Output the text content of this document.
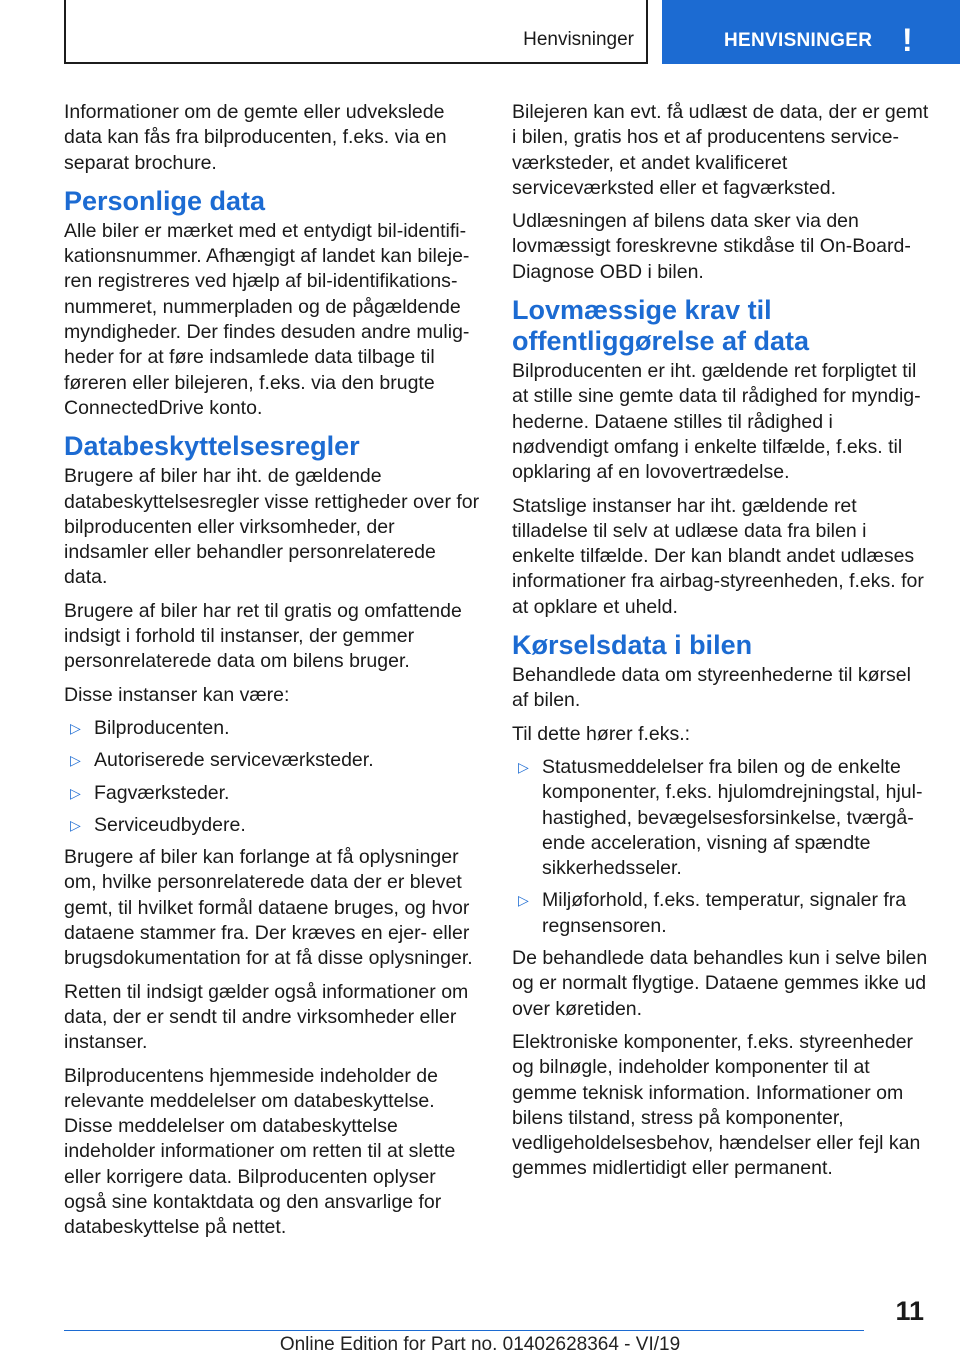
Henvisninger	HENVISNINGER !

Informationer om de gemte eller udvekslede data kan fås fra bilproducenten, f.eks. via en separat brochure.

Personlige data

Alle biler er mærket med et entydigt bil-identifikationsnummer. Afhængigt af landet kan bilejeren registreres ved hjælp af bil-identifikationsnummeret, nummerpladen og de pågældende myndigheder. Der findes desuden andre muligheder for at føre indsamlede data tilbage til føreren eller bilejeren, f.eks. via den brugte ConnectedDrive konto.

Databeskyttelsesregler

Brugere af biler har iht. de gældende databeskyttelsesregler visse rettigheder over for bilproducenten eller virksomheder, der indsamler eller behandler personrelaterede data.

Brugere af biler har ret til gratis og omfattende indsigt i forhold til instanser, der gemmer personrelaterede data om bilens bruger.

Disse instanser kan være:

▷ Bilproducenten.
▷ Autoriserede serviceværksteder.
▷ Fagværksteder.
▷ Serviceudbydere.

Brugere af biler kan forlange at få oplysninger om, hvilke personrelaterede data der er blevet gemt, til hvilket formål dataene bruges, og hvor dataene stammer fra. Der kræves en ejer- eller brugsdokumentation for at få disse oplysninger.

Retten til indsigt gælder også informationer om data, der er sendt til andre virksomheder eller instanser.

Bilproducentens hjemmeside indeholder de relevante meddelelser om databeskyttelse. Disse meddelelser om databeskyttelse indeholder informationer om retten til at slette eller korrigere data. Bilproducenten oplyser også sine kontaktdata og den ansvarlige for databeskyttelse på nettet.

Bilejeren kan evt. få udlæst de data, der er gemt i bilen, gratis hos et af producentens serviceværksteder, et andet kvalificeret serviceværksted eller et fagværksted.

Udlæsningen af bilens data sker via den lovmæssigt foreskrevne stikdåse til On-Board-Diagnose OBD i bilen.

Lovmæssige krav til offentliggørelse af data

Bilproducenten er iht. gældende ret forpligtet til at stille sine gemte data til rådighed for myndighederne. Dataene stilles til rådighed i nødvendigt omfang i enkelte tilfælde, f.eks. til opklaring af en lovovertrædelse.

Statslige instanser har iht. gældende ret tilladelse til selv at udlæse data fra bilen i enkelte tilfælde. Der kan blandt andet udlæses informationer fra airbag-styreenheden, f.eks. for at opklare et uheld.

Kørselsdata i bilen

Behandlede data om styreenhederne til kørsel af bilen.

Til dette hører f.eks.:

▷ Statusmeddelelser fra bilen og de enkelte komponenter, f.eks. hjulomdrejningstal, hjulhastighed, bevægelsesforsinkelse, tværgående acceleration, visning af spændte sikkerhedsseler.
▷ Miljøforhold, f.eks. temperatur, signaler fra regnsensoren.

De behandlede data behandles kun i selve bilen og er normalt flygtige. Dataene gemmes ikke ud over køretiden.

Elektroniske komponenter, f.eks. styreenheder og bilnøgle, indeholder komponenter til at gemme teknisk information. Informationer om bilens tilstand, stress på komponenter, vedligeholdelsesbehov, hændelser eller fejl kan gemmes midlertidigt eller permanent.

11
Online Edition for Part no. 01402628364 - VI/19
